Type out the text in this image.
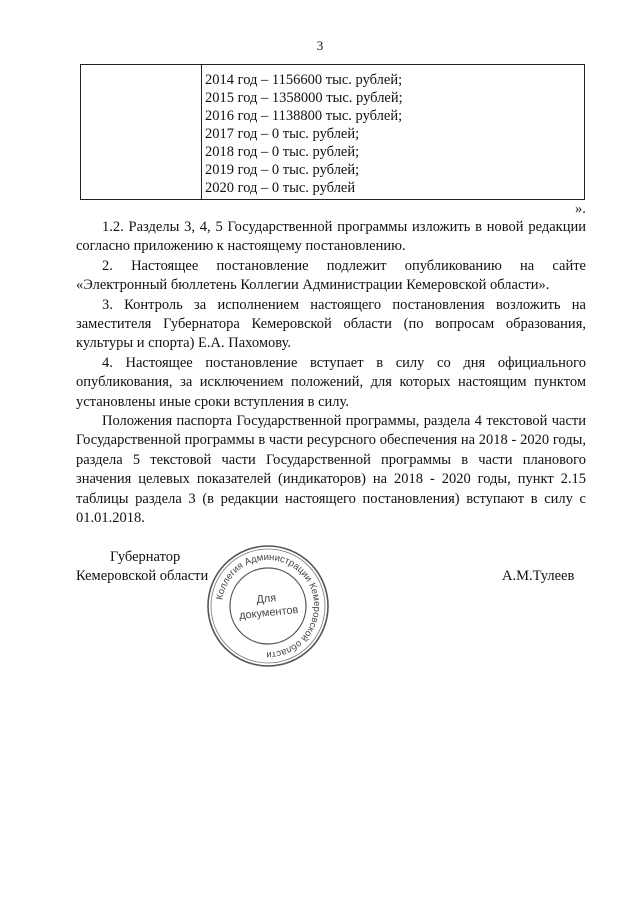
3
2014 год – 1156600 тыс. рублей;
2015 год – 1358000 тыс. рублей;
2016 год – 1138800 тыс. рублей;
2017 год – 0 тыс. рублей;
2018 год – 0 тыс. рублей;
2019 год – 0 тыс. рублей;
2020 год – 0 тыс. рублей
».

1.2. Разделы 3, 4, 5 Государственной программы изложить в новой редакции согласно приложению к настоящему постановлению.

2. Настоящее постановление подлежит опубликованию на сайте «Электронный бюллетень Коллегии Администрации Кемеровской области».

3. Контроль за исполнением настоящего постановления возложить на заместителя Губернатора Кемеровской области (по вопросам образования, культуры и спорта) Е.А. Пахомову.

4. Настоящее постановление вступает в силу со дня официального опубликования, за исключением положений, для которых настоящим пунктом установлены иные сроки вступления в силу.

Положения паспорта Государственной программы, раздела 4 текстовой части Государственной программы в части ресурсного обеспечения на 2018 - 2020 годы, раздела 5 текстовой части Государственной программы в части планового значения целевых показателей (индикаторов) на 2018 - 2020 годы, пункт 2.15 таблицы раздела 3 (в редакции настоящего постановления) вступают в силу с 01.01.2018.

Губернатор
Кемеровской области	А.М.Тулеев
Коллегия Администрации Кемеровской области
Для
документов
